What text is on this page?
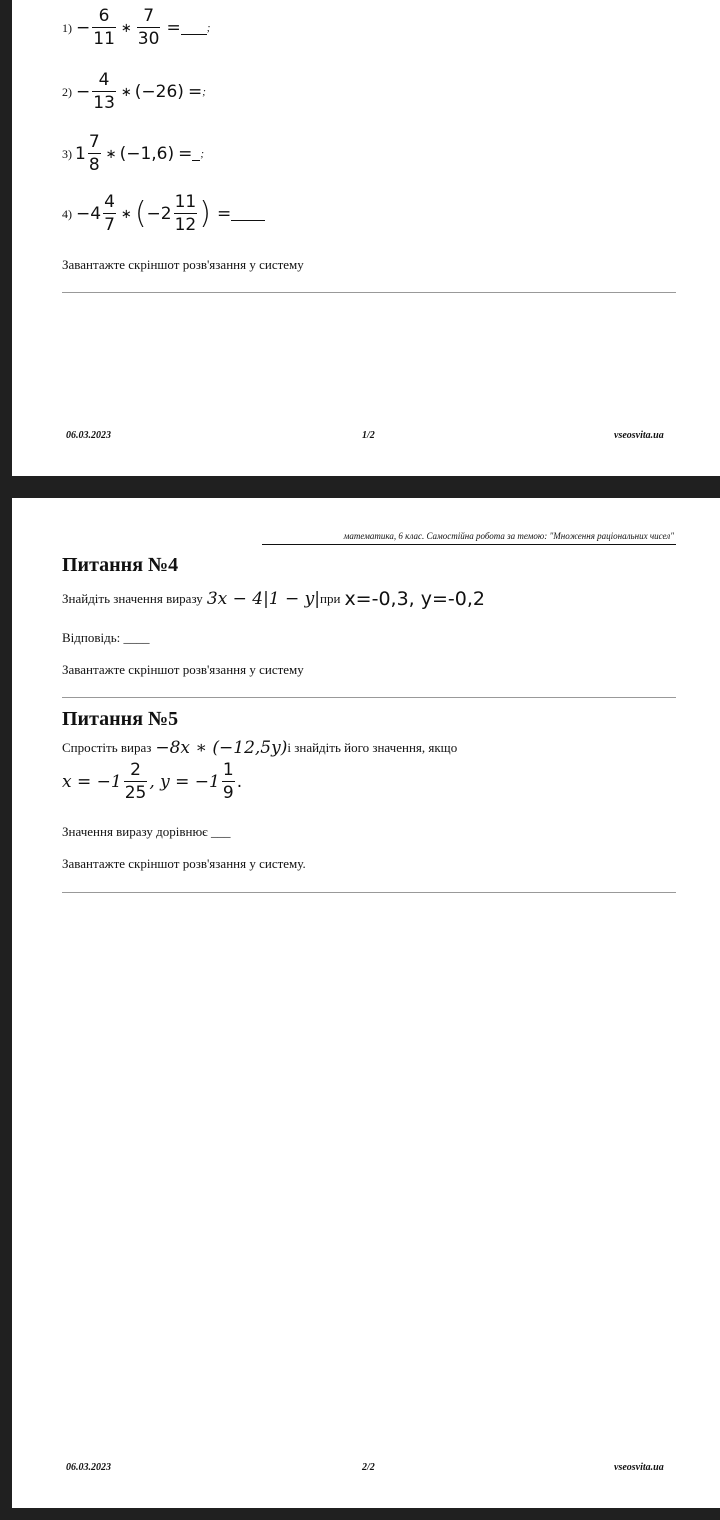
$1) - \frac{6}{11}$ ∗ $\frac{7}{30}$ = ;
$2) - \frac{4}{13}$ ∗ (−26) = ;
3) $1 \frac{7}{8}$ ∗ (−1,6) = ;
$4) - 4 \frac{4}{7}$ ∗ ( − $2 \frac{11}{12}$ ) =
Завантажте скріншот розв'язання у систему
06.03.2023	1/2	vseosvita.ua
математика, 6 клас. Самостійна робота за темою: "Множення раціональних чисел"
Питання №4
Знайдіть значення виразу 3x − 4|1 − y| при x=-0,3, y=-0,2
Відповідь: ____
Завантажте скріншот розв'язання у систему
Питання №5
Спростіть вираз −8x ∗ (−12,5y) і знайдіть його значення, якщо
$x = -1 \frac{2}{25}$ , $y = -1 \frac{1}{9}$ .
Значення виразу дорівнює ___
Завантажте скріншот розв'язання у систему.
06.03.2023	2/2	vseosvita.ua
